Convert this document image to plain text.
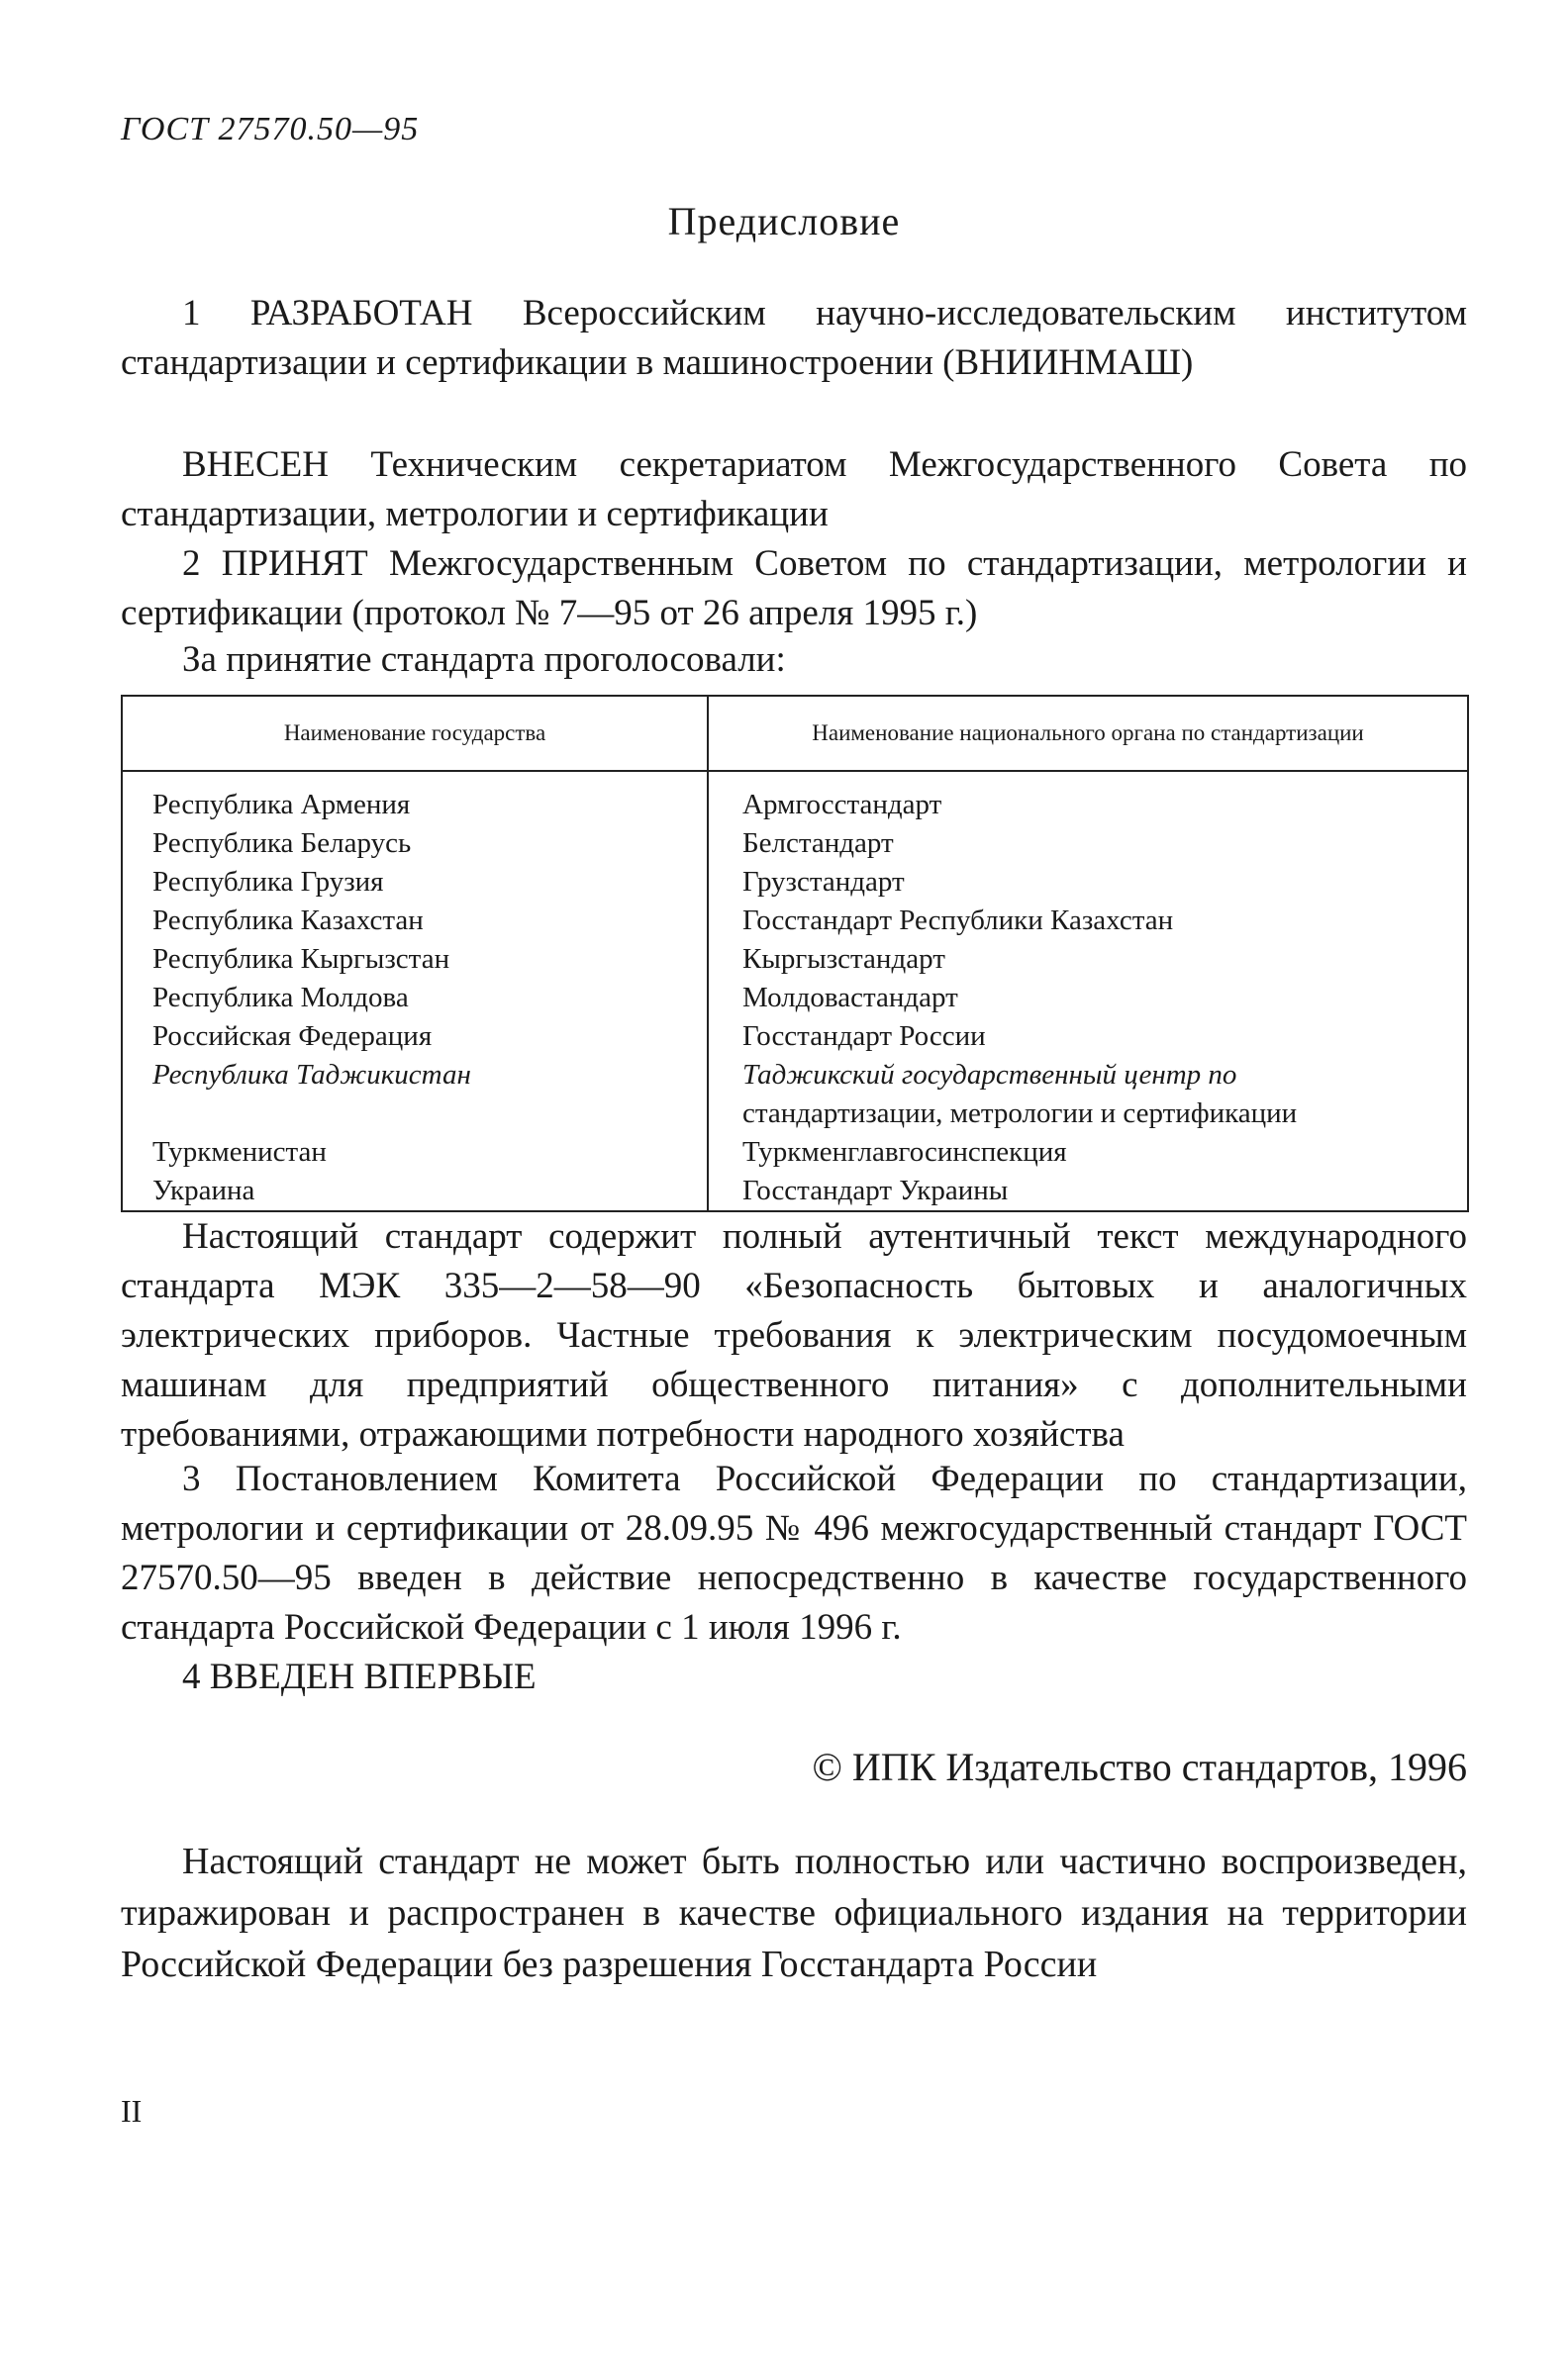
ГОСТ 27570.50—95
Предисловие
1 РАЗРАБОТАН Всероссийским научно-исследовательским институтом стандартизации и сертификации в машиностроении (ВНИИНМАШ)
ВНЕСЕН Техническим секретариатом Межгосударственного Совета по стандартизации, метрологии и сертификации
2 ПРИНЯТ Межгосударственным Советом по стандартизации, метрологии и сертификации (протокол № 7—95 от 26 апреля 1995 г.)
За принятие стандарта проголосовали:
Наименование государства	Наименование национального органа по стандартизации
Республика Армения	Армгосстандарт
Республика Беларусь	Белстандарт
Республика Грузия	Грузстандарт
Республика Казахстан	Госстандарт Республики Казахстан
Республика Кыргызстан	Кыргызстандарт
Республика Молдова	Молдовастандарт
Российская Федерация	Госстандарт России
Республика Таджикистан	Таджикский государственный центр по
	стандартизации, метрологии и сертификации
Туркменистан	Туркменглавгосинспекция
Украина	Госстандарт Украины
Настоящий стандарт содержит полный аутентичный текст международного стандарта МЭК 335—2—58—90 «Безопасность бытовых и аналогичных электрических приборов. Частные требования к электрическим посудомоечным машинам для предприятий общественного питания» с дополнительными требованиями, отражающими потребности народного хозяйства
3 Постановлением Комитета Российской Федерации по стандартизации, метрологии и сертификации от 28.09.95 № 496 межгосударственный стандарт ГОСТ 27570.50—95 введен в действие непосредственно в качестве государственного стандарта Российской Федерации с 1 июля 1996 г.
4 ВВЕДЕН ВПЕРВЫЕ
© ИПК Издательство стандартов, 1996
Настоящий стандарт не может быть полностью или частично воспроизведен, тиражирован и распространен в качестве официального издания на территории Российской Федерации без разрешения Госстандарта России
II
